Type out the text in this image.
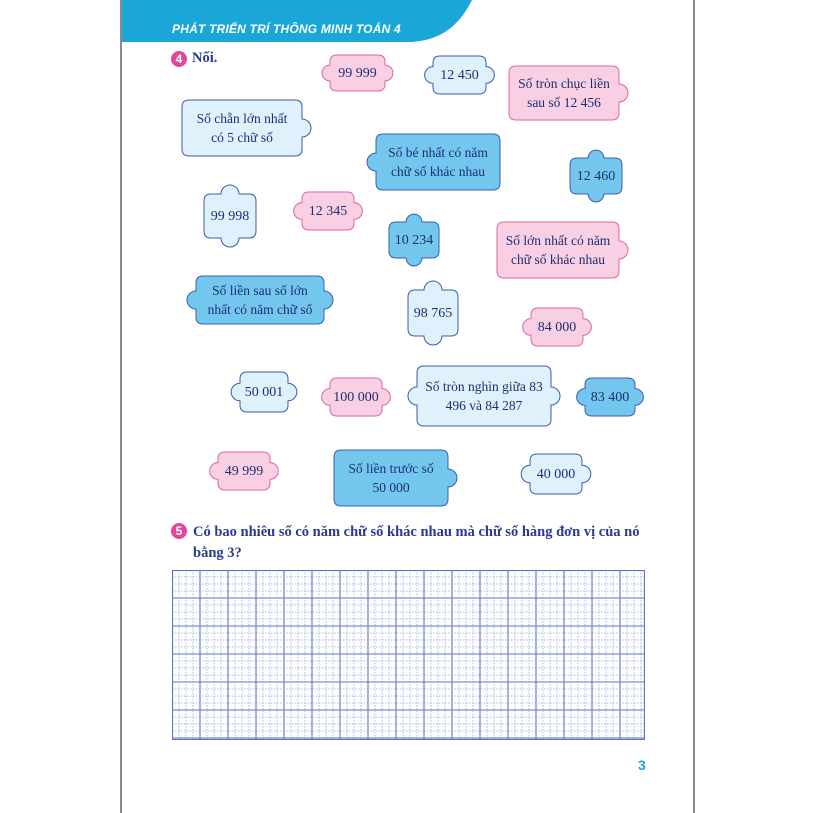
PHÁT TRIỂN TRÍ THÔNG MINH TOÁN 4
4 Nối.
99 999	12 450
Số tròn chục liền sau số 12 456
Số chẵn lớn nhất có 5 chữ số
Số bé nhất có năm chữ số khác nhau	12 460
99 998	12 345
10 234	Số lớn nhất có năm chữ số khác nhau
Số liền sau số lớn nhất có năm chữ số	98 765
84 000
50 001	100 000
Số tròn nghìn giữa 83 496 và 84 287
83 400
49 999	Số liền trước số 50 000
40 000
5 Có bao nhiêu số có năm chữ số khác nhau mà chữ số hàng đơn vị của nó bằng 3?
3
